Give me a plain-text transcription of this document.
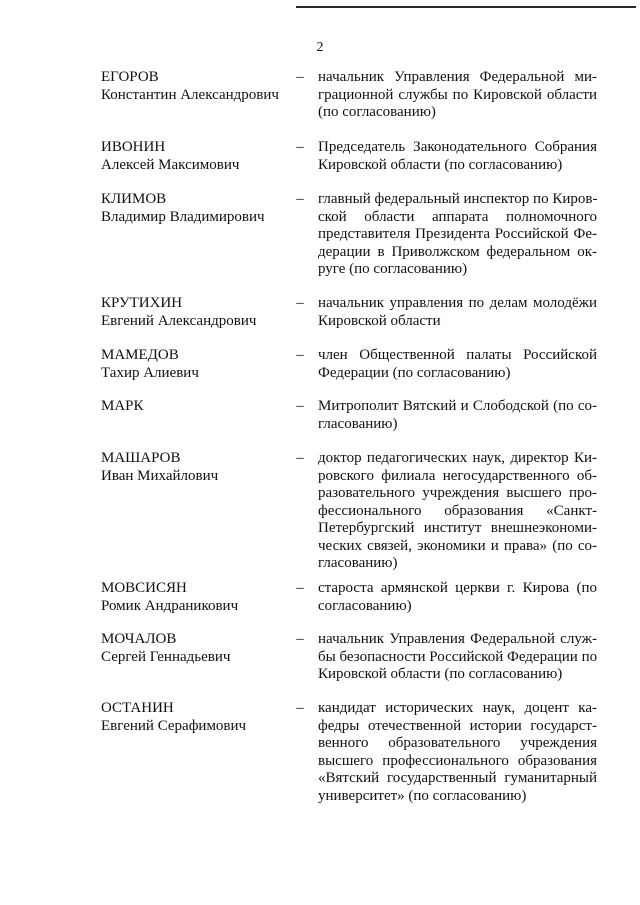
2
ЕГОРОВ
Константин Александрович
– начальник Управления Федеральной ми-
грационной службы по Кировской области
(по согласованию)
ИВОНИН
Алексей Максимович
– Председатель Законодательного Собрания
Кировской области (по согласованию)
КЛИМОВ
Владимир Владимирович
– главный федеральный инспектор по Киров-
ской области аппарата полномочного
представителя Президента Российской Фе-
дерации в Приволжском федеральном ок-
руге (по согласованию)
КРУТИХИН
Евгений Александрович
– начальник управления по делам молодёжи
Кировской области
МАМЕДОВ
Тахир Алиевич
– член Общественной палаты Российской
Федерации (по согласованию)
МАРК	– Митрополит Вятский и Слободской (по со-
гласованию)
МАШАРОВ
Иван Михайлович
– доктор педагогических наук, директор Ки-
ровского филиала негосударственного об-
разовательного учреждения высшего про-
фессионального образования «Санкт-
Петербургский институт внешнеэкономи-
ческих связей, экономики и права» (по со-
гласованию)
МОВСИСЯН
Ромик Андраникович
– староста армянской церкви г. Кирова (по
согласованию)
МОЧАЛОВ
Сергей Геннадьевич
– начальник Управления Федеральной служ-
бы безопасности Российской Федерации по
Кировской области (по согласованию)
ОСТАНИН
Евгений Серафимович
– кандидат исторических наук, доцент ка-
федры отечественной истории государст-
венного образовательного учреждения
высшего профессионального образования
«Вятский государственный гуманитарный
университет» (по согласованию)
